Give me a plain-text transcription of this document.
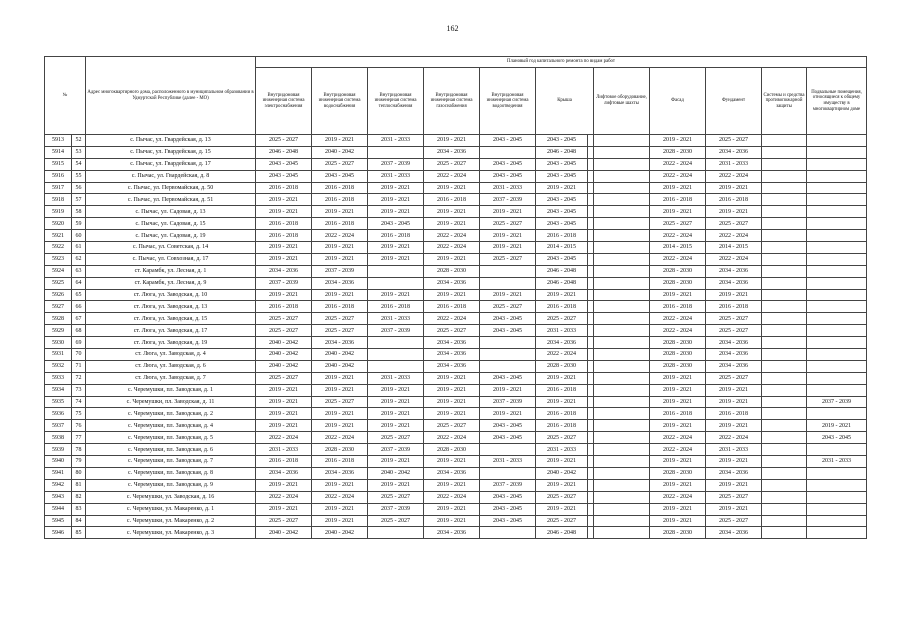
162
№		Адрес многоквартирного дома, расположенного в муниципальном образовании в Удмуртской Республике (далее - МО)	Плановый год капитального ремонта по видам работ											
			Внутридомовая инженерная система электроснабжения	Внутридомовая инженерная система водоснабжения	Внутридомовая инженерная система теплоснабжения	Внутридомовая инженерная система газоснабжения	Внутридомовая инженерная система водоотведения	Крыша		Лифтовое оборудование, лифтовые шахты	Фасад	Фундамент	Системы и средства противопожарной защиты	Подвальные помещения, относящиеся к общему имуществу в многоквартирном доме
5913	52	с. Пычас, ул. Гвардейская, д. 13	2025 - 2027	2019 - 2021	2031 - 2033	2019 - 2021	2043 - 2045	2043 - 2045			2019 - 2021	2025 - 2027		
5914	53	с. Пычас, ул. Гвардейская, д. 15	2046 - 2048	2040 - 2042		2034 - 2036		2046 - 2048			2028 - 2030	2034 - 2036		
5915	54	с. Пычас, ул. Гвардейская, д. 17	2043 - 2045	2025 - 2027	2037 - 2039	2025 - 2027	2043 - 2045	2043 - 2045			2022 - 2024	2031 - 2033		
5916	55	с. Пычас, ул. Гвардейская, д. 8	2043 - 2045	2043 - 2045	2031 - 2033	2022 - 2024	2043 - 2045	2043 - 2045			2022 - 2024	2022 - 2024		
5917	56	с. Пычас, ул. Первомайская, д. 50	2016 - 2018	2016 - 2018	2019 - 2021	2019 - 2021	2031 - 2033	2019 - 2021			2019 - 2021	2019 - 2021		
5918	57	с. Пычас, ул. Первомайская, д. 51	2019 - 2021	2016 - 2018	2019 - 2021	2016 - 2018	2037 - 2039	2043 - 2045			2016 - 2018	2016 - 2018		
5919	58	с. Пычас, ул. Садовая, д. 13	2019 - 2021	2019 - 2021	2019 - 2021	2019 - 2021	2019 - 2021	2043 - 2045			2019 - 2021	2019 - 2021		
5920	59	с. Пычас, ул. Садовая, д. 15	2016 - 2018	2016 - 2018	2043 - 2045	2019 - 2021	2025 - 2027	2043 - 2045			2025 - 2027	2025 - 2027		
5921	60	с. Пычас, ул. Садовая, д. 19	2016 - 2018	2022 - 2024	2016 - 2018	2022 - 2024	2019 - 2021	2016 - 2018			2022 - 2024	2022 - 2024		
5922	61	с. Пычас, ул. Советская, д. 14	2019 - 2021	2019 - 2021	2019 - 2021	2022 - 2024	2019 - 2021	2014 - 2015			2014 - 2015	2014 - 2015		
5923	62	с. Пычас, ул. Совхозная, д. 17	2019 - 2021	2019 - 2021	2019 - 2021	2019 - 2021	2025 - 2027	2043 - 2045			2022 - 2024	2022 - 2024		
5924	63	ст. Карамбк, ул. Лесная, д. 1	2034 - 2036	2037 - 2039		2028 - 2030		2046 - 2048			2028 - 2030	2034 - 2036		
5925	64	ст. Карамбк, ул. Лесная, д. 9	2037 - 2039	2034 - 2036		2034 - 2036		2046 - 2048			2028 - 2030	2034 - 2036		
5926	65	ст. Люга, ул. Заводская, д. 10	2019 - 2021	2019 - 2021	2019 - 2021	2019 - 2021	2019 - 2021	2019 - 2021			2019 - 2021	2019 - 2021		
5927	66	ст. Люга, ул. Заводская, д. 13	2016 - 2018	2016 - 2018	2016 - 2018	2016 - 2018	2025 - 2027	2016 - 2018			2016 - 2018	2016 - 2018		
5928	67	ст. Люга, ул. Заводская, д. 15	2025 - 2027	2025 - 2027	2031 - 2033	2022 - 2024	2043 - 2045	2025 - 2027			2022 - 2024	2025 - 2027		
5929	68	ст. Люга, ул. Заводская, д. 17	2025 - 2027	2025 - 2027	2037 - 2039	2025 - 2027	2043 - 2045	2031 - 2033			2022 - 2024	2025 - 2027		
5930	69	ст. Люга, ул. Заводская, д. 19	2040 - 2042	2034 - 2036		2034 - 2036		2034 - 2036			2028 - 2030	2034 - 2036		
5931	70	ст. Люга, ул. Заводская, д. 4	2040 - 2042	2040 - 2042		2034 - 2036		2022 - 2024			2028 - 2030	2034 - 2036		
5932	71	ст. Люга, ул. Заводская, д. 6	2040 - 2042	2040 - 2042		2034 - 2036		2028 - 2030			2028 - 2030	2034 - 2036		
5933	72	ст. Люга, ул. Заводская, д. 7	2025 - 2027	2019 - 2021	2031 - 2033	2019 - 2021	2043 - 2045	2019 - 2021			2019 - 2021	2025 - 2027		
5934	73	с. Черемушки, пл. Заводская, д. 1	2019 - 2021	2019 - 2021	2019 - 2021	2019 - 2021	2019 - 2021	2016 - 2018			2019 - 2021	2019 - 2021		
5935	74	с. Черемушки, пл. Заводская, д. 11	2019 - 2021	2025 - 2027	2019 - 2021	2019 - 2021	2037 - 2039	2019 - 2021			2019 - 2021	2019 - 2021		2037 - 2039
5936	75	с. Черемушки, пл. Заводская, д. 2	2019 - 2021	2019 - 2021	2019 - 2021	2019 - 2021	2019 - 2021	2016 - 2018			2016 - 2018	2016 - 2018		
5937	76	с. Черемушки, пл. Заводская, д. 4	2019 - 2021	2019 - 2021	2019 - 2021	2025 - 2027	2043 - 2045	2016 - 2018			2019 - 2021	2019 - 2021		2019 - 2021
5938	77	с. Черемушки, пл. Заводская, д. 5	2022 - 2024	2022 - 2024	2025 - 2027	2022 - 2024	2043 - 2045	2025 - 2027			2022 - 2024	2022 - 2024		2043 - 2045
5939	78	с. Черемушки, пл. Заводская, д. 6	2031 - 2033	2028 - 2030	2037 - 2039	2028 - 2030		2031 - 2033			2022 - 2024	2031 - 2033		
5940	79	с. Черемушки, пл. Заводская, д. 7	2016 - 2018	2016 - 2018	2019 - 2021	2019 - 2021	2031 - 2033	2019 - 2021			2019 - 2021	2019 - 2021		2031 - 2033
5941	80	с. Черемушки, пл. Заводская, д. 8	2034 - 2036	2034 - 2036	2040 - 2042	2034 - 2036		2040 - 2042			2028 - 2030	2034 - 2036		
5942	81	с. Черемушки, пл. Заводская, д. 9	2019 - 2021	2019 - 2021	2019 - 2021	2019 - 2021	2037 - 2039	2019 - 2021			2019 - 2021	2019 - 2021		
5943	82	с. Черемушки, ул. Заводская, д. 16	2022 - 2024	2022 - 2024	2025 - 2027	2022 - 2024	2043 - 2045	2025 - 2027			2022 - 2024	2025 - 2027		
5944	83	с. Черемушки, ул. Макаренко, д. 1	2019 - 2021	2019 - 2021	2037 - 2039	2019 - 2021	2043 - 2045	2019 - 2021			2019 - 2021	2019 - 2021		
5945	84	с. Черемушки, ул. Макаренко, д. 2	2025 - 2027	2019 - 2021	2025 - 2027	2019 - 2021	2043 - 2045	2025 - 2027			2019 - 2021	2025 - 2027		
5946	85	с. Черемушки, ул. Макаренко, д. 3	2040 - 2042	2040 - 2042		2034 - 2036		2046 - 2048			2028 - 2030	2034 - 2036		
